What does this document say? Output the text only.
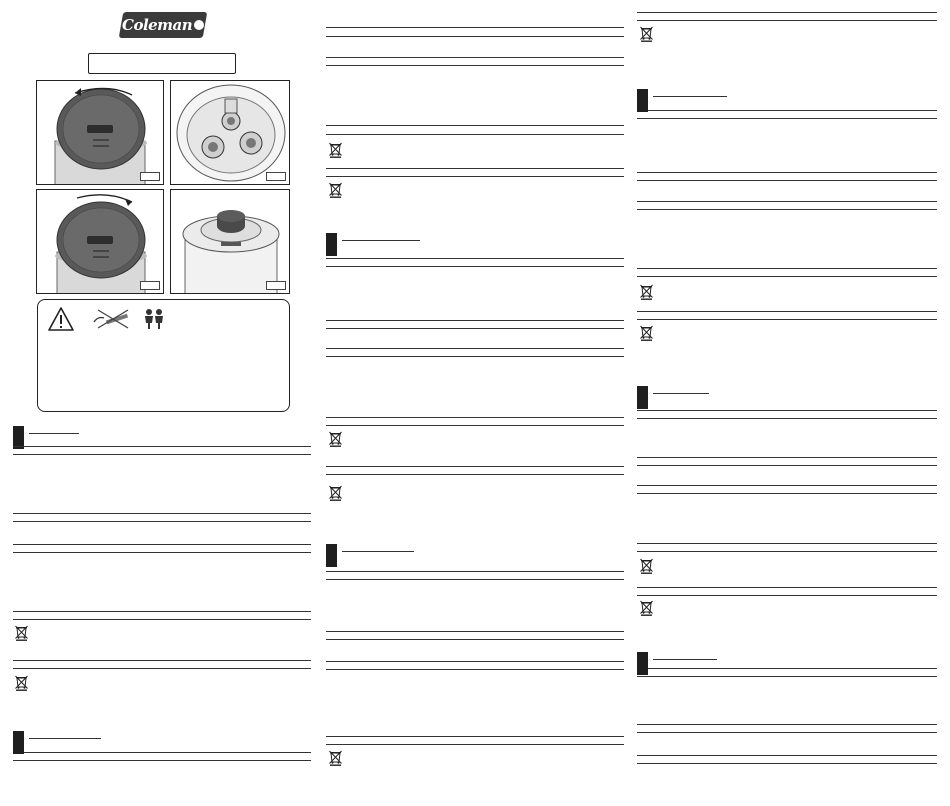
Coleman
